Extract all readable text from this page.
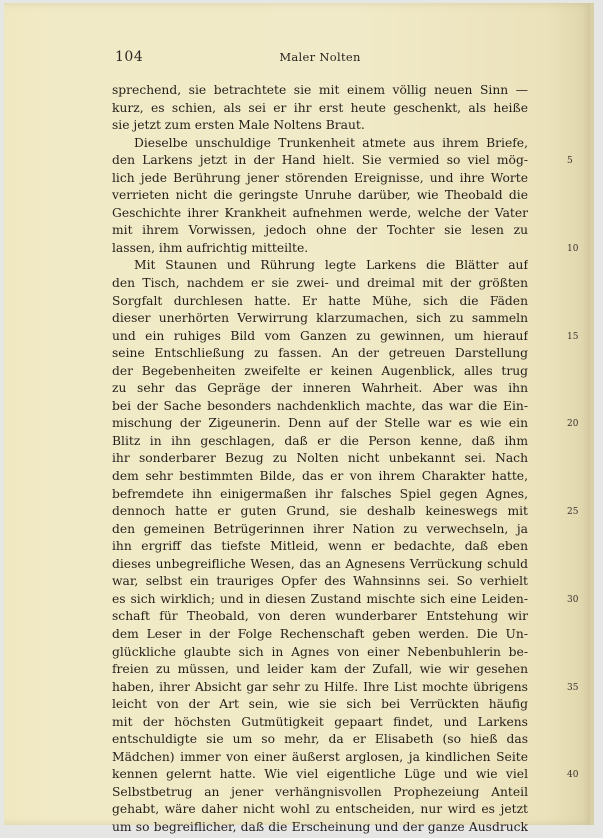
104	Maler Nolten
sprechend, sie betrachtete sie mit einem völlig neuen Sinn —
kurz, es schien, als sei er ihr erst heute geschenkt, als heiße
sie jetzt zum ersten Male Noltens Braut.
Dieselbe unschuldige Trunkenheit atmete aus ihrem Briefe,
den Larkens jetzt in der Hand hielt. Sie vermied so viel mög-
lich jede Berührung jener störenden Ereignisse, und ihre Worte
verrieten nicht die geringste Unruhe darüber, wie Theobald die
Geschichte ihrer Krankheit aufnehmen werde, welche der Vater
mit ihrem Vorwissen, jedoch ohne der Tochter sie lesen zu
lassen, ihm aufrichtig mitteilte.
Mit Staunen und Rührung legte Larkens die Blätter auf
den Tisch, nachdem er sie zwei- und dreimal mit der größten
Sorgfalt durchlesen hatte. Er hatte Mühe, sich die Fäden
dieser unerhörten Verwirrung klarzumachen, sich zu sammeln
und ein ruhiges Bild vom Ganzen zu gewinnen, um hierauf
seine Entschließung zu fassen. An der getreuen Darstellung
der Begebenheiten zweifelte er keinen Augenblick, alles trug
zu sehr das Gepräge der inneren Wahrheit. Aber was ihn
bei der Sache besonders nachdenklich machte, das war die Ein-
mischung der Zigeunerin. Denn auf der Stelle war es wie ein
Blitz in ihn geschlagen, daß er die Person kenne, daß ihm
ihr sonderbarer Bezug zu Nolten nicht unbekannt sei. Nach
dem sehr bestimmten Bilde, das er von ihrem Charakter hatte,
befremdete ihn einigermaßen ihr falsches Spiel gegen Agnes,
dennoch hatte er guten Grund, sie deshalb keineswegs mit
den gemeinen Betrügerinnen ihrer Nation zu verwechseln, ja
ihn ergriff das tiefste Mitleid, wenn er bedachte, daß eben
dieses unbegreifliche Wesen, das an Agnesens Verrückung schuld
war, selbst ein trauriges Opfer des Wahnsinns sei. So verhielt
es sich wirklich; und in diesen Zustand mischte sich eine Leiden-
schaft für Theobald, von deren wunderbarer Entstehung wir
dem Leser in der Folge Rechenschaft geben werden. Die Un-
glückliche glaubte sich in Agnes von einer Nebenbuhlerin be-
freien zu müssen, und leider kam der Zufall, wie wir gesehen
haben, ihrer Absicht gar sehr zu Hilfe. Ihre List mochte übrigens
leicht von der Art sein, wie sie sich bei Verrückten häufig
mit der höchsten Gutmütigkeit gepaart findet, und Larkens
entschuldigte sie um so mehr, da er Elisabeth (so hieß das
Mädchen) immer von einer äußerst arglosen, ja kindlichen Seite
kennen gelernt hatte. Wie viel eigentliche Lüge und wie viel
Selbstbetrug an jener verhängnisvollen Prophezeiung Anteil
gehabt, wäre daher nicht wohl zu entscheiden, nur wird es jetzt
um so begreiflicher, daß die Erscheinung und der ganze Ausdruck
5
10
15
20
25
30
35
40
